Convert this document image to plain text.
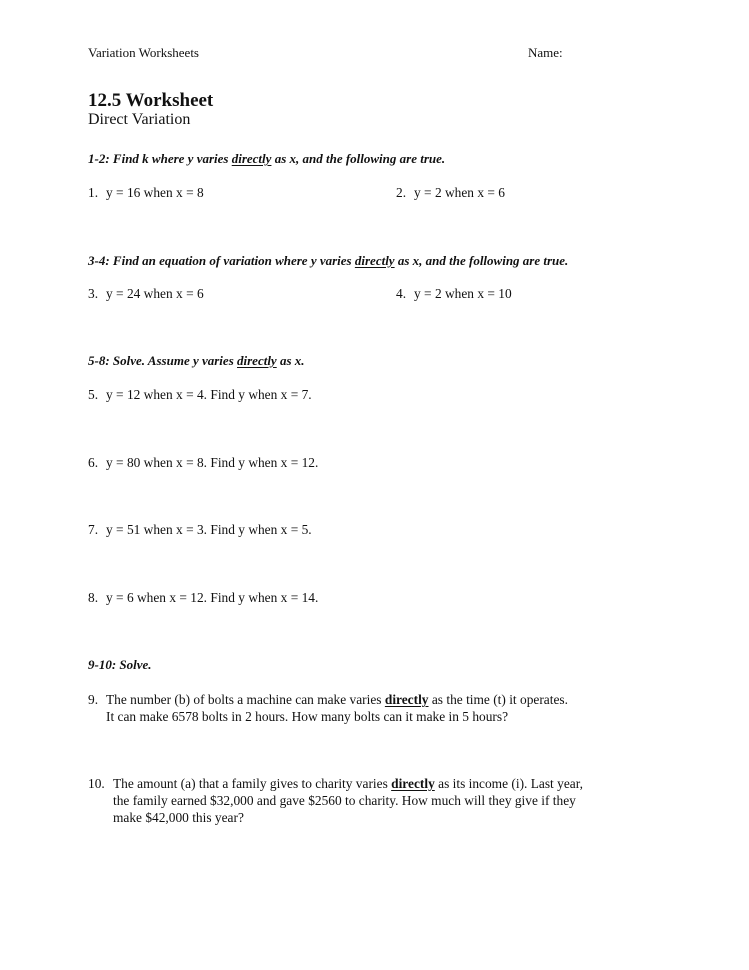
Variation Worksheets	Name:
12.5 Worksheet
Direct Variation
1-2: Find k where y varies directly as x, and the following are true.
1. y = 16 when x = 8	2. y = 2 when x = 6
3-4: Find an equation of variation where y varies directly as x, and the following are true.
3. y = 24 when x = 6	4. y = 2 when x = 10
5-8: Solve. Assume y varies directly as x.
5. y = 12 when x = 4. Find y when x = 7.
6. y = 80 when x = 8. Find y when x = 12.
7. y = 51 when x = 3. Find y when x = 5.
8. y = 6 when x = 12. Find y when x = 14.
9-10: Solve.
9. The number (b) of bolts a machine can make varies directly as the time (t) it operates.
It can make 6578 bolts in 2 hours. How many bolts can it make in 5 hours?
10. The amount (a) that a family gives to charity varies directly as its income (i). Last year,
the family earned $32,000 and gave $2560 to charity. How much will they give if they
make $42,000 this year?
